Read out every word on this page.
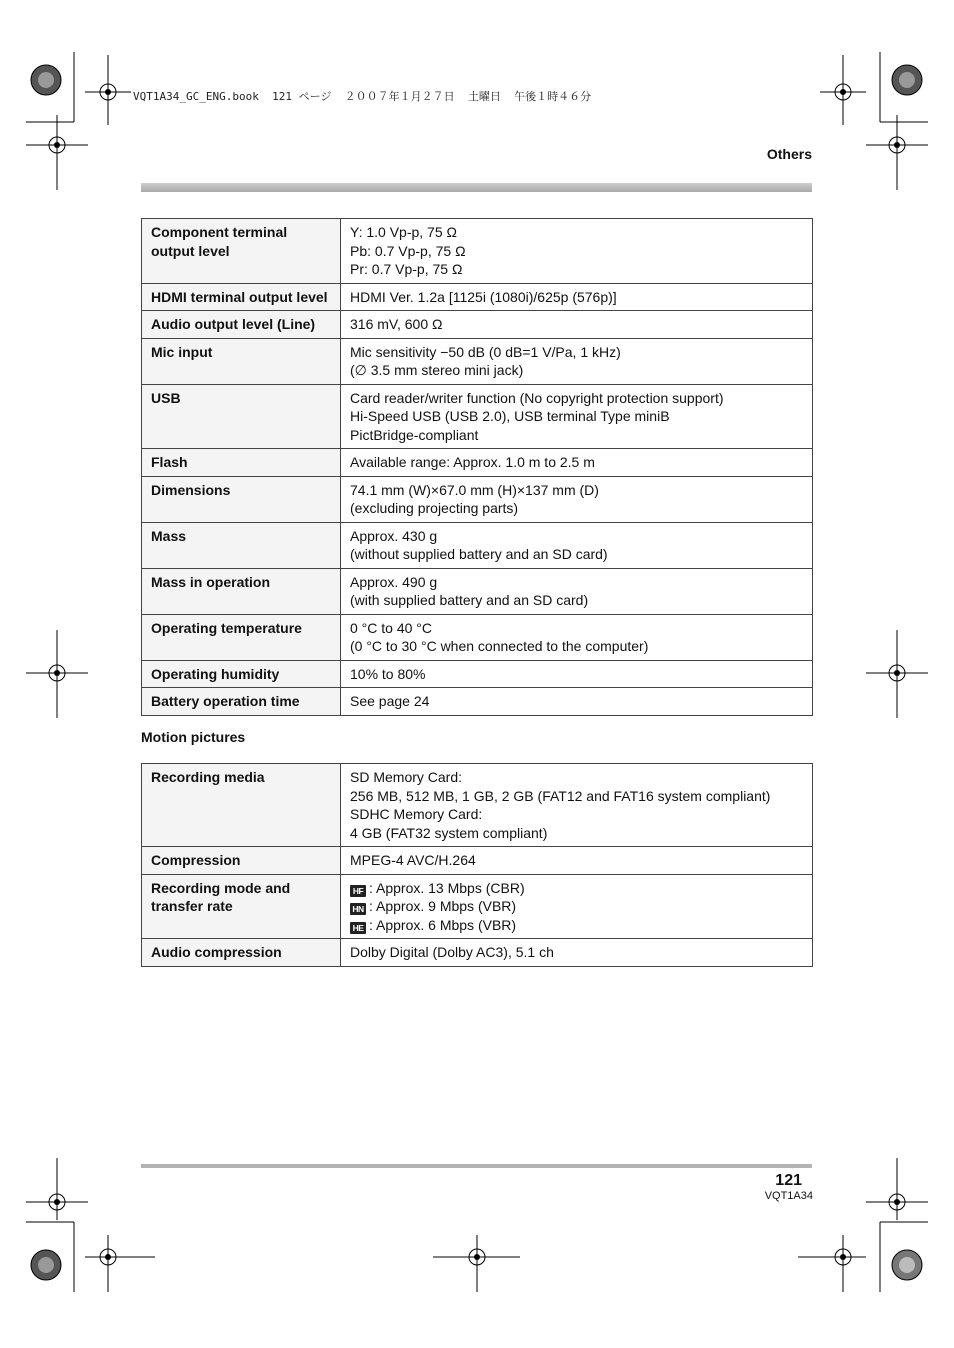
VQT1A34_GC_ENG.book  121 ページ  ２００７年１月２７日  土曜日  午後１時４６分
Others
Component terminal output level	Y: 1.0 Vp-p, 75 Ω
Pb: 0.7 Vp-p, 75 Ω
Pr: 0.7 Vp-p, 75 Ω

HDMI terminal output level	HDMI Ver. 1.2a [1125i (1080i)/625p (576p)]

Audio output level (Line)	316 mV, 600 Ω

Mic input	Mic sensitivity −50 dB (0 dB=1 V/Pa, 1 kHz)
(∅ 3.5 mm stereo mini jack)

USB	Card reader/writer function (No copyright protection support)
Hi-Speed USB (USB 2.0), USB terminal Type miniB
PictBridge-compliant

Flash	Available range: Approx. 1.0 m to 2.5 m

Dimensions	74.1 mm (W)×67.0 mm (H)×137 mm (D)
(excluding projecting parts)

Mass	Approx. 430 g
(without supplied battery and an SD card)

Mass in operation	Approx. 490 g
(with supplied battery and an SD card)

Operating temperature	0 °C to 40 °C
(0 °C to 30 °C when connected to the computer)

Operating humidity	10% to 80%

Battery operation time	See page 24
Motion pictures
Recording media	SD Memory Card:
256 MB, 512 MB, 1 GB, 2 GB (FAT12 and FAT16 system compliant)
SDHC Memory Card:
4 GB (FAT32 system compliant)

Compression	MPEG-4 AVC/H.264

Recording mode and transfer rate	HF : Approx. 13 Mbps (CBR)
HN : Approx. 9 Mbps (VBR)
HE : Approx. 6 Mbps (VBR)

Audio compression	Dolby Digital (Dolby AC3), 5.1 ch
121
VQT1A34
